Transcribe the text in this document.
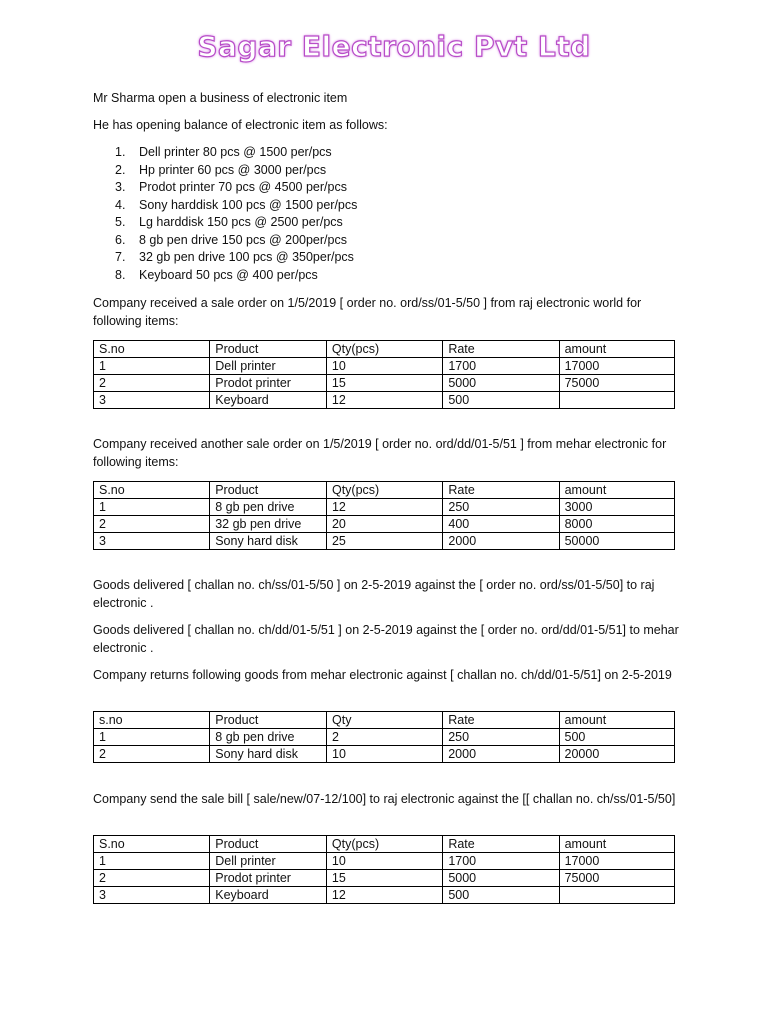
Sagar Electronic Pvt Ltd

Mr Sharma open a business of electronic item

He has opening balance of electronic item as follows:

1.	Dell printer 80 pcs @ 1500 per/pcs
2.	Hp printer 60 pcs @ 3000 per/pcs
3.	Prodot printer 70 pcs @ 4500 per/pcs
4.	Sony harddisk 100 pcs @ 1500 per/pcs
5.	Lg harddisk 150 pcs @ 2500 per/pcs
6.	8 gb pen drive 150 pcs @ 200per/pcs
7.	32 gb pen drive 100 pcs @ 350per/pcs
8.	Keyboard 50 pcs @ 400 per/pcs

Company received a sale order on 1/5/2019 [ order no. ord/ss/01-5/50 ] from raj electronic world for following items:

S.no	Product	Qty(pcs)	Rate	amount
1	Dell printer	10	1700	17000
2	Prodot printer	15	5000	75000
3	Keyboard	12	500	

Company received another sale order on 1/5/2019 [ order no. ord/dd/01-5/51 ] from mehar electronic for following items:

S.no	Product	Qty(pcs)	Rate	amount
1	8 gb pen drive	12	250	3000
2	32 gb pen drive	20	400	8000
3	Sony hard disk	25	2000	50000

Goods delivered [ challan no. ch/ss/01-5/50 ] on 2-5-2019 against the [ order no. ord/ss/01-5/50] to raj electronic .

Goods delivered [ challan no. ch/dd/01-5/51 ] on 2-5-2019 against the [ order no. ord/dd/01-5/51] to mehar electronic .

Company returns following goods from mehar electronic against [ challan no. ch/dd/01-5/51] on 2-5-2019

s.no	Product	Qty	Rate	amount
1	8 gb pen drive	2	250	500
2	Sony hard disk	10	2000	20000

Company send the sale bill [ sale/new/07-12/100] to raj electronic against the [[ challan no. ch/ss/01-5/50]

S.no	Product	Qty(pcs)	Rate	amount
1	Dell printer	10	1700	17000
2	Prodot printer	15	5000	75000
3	Keyboard	12	500	
